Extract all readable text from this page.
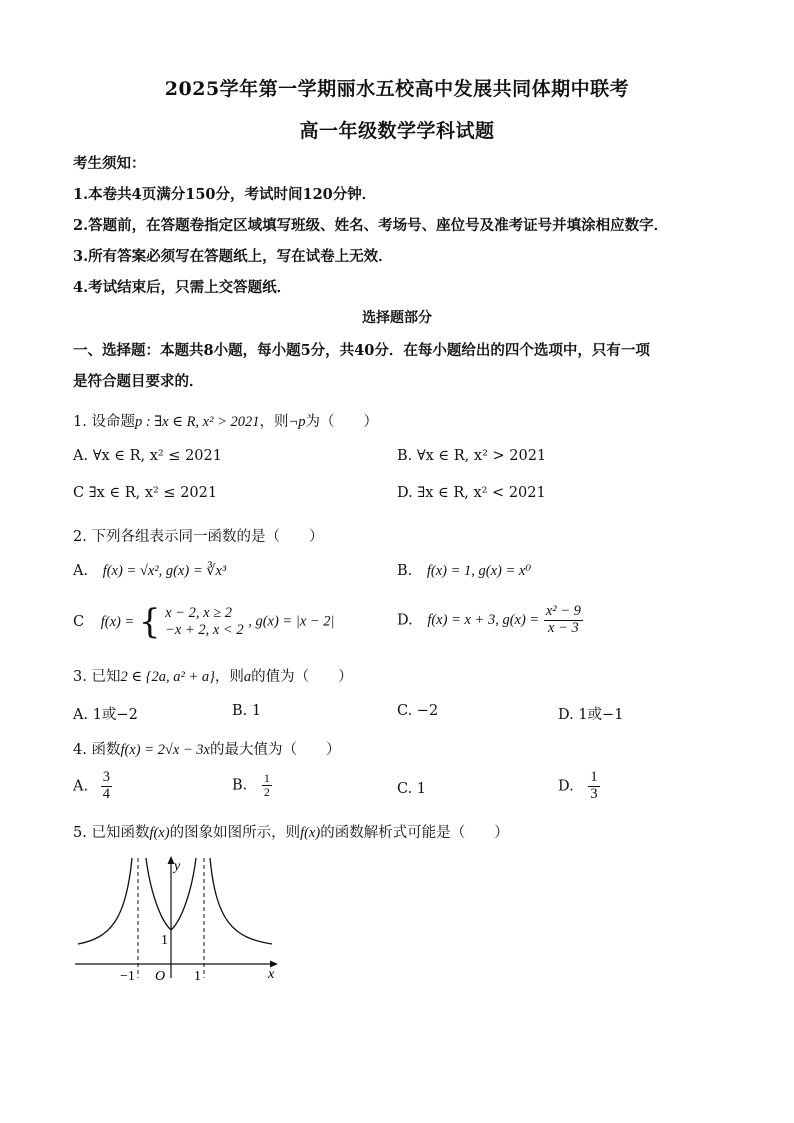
2025学年第一学期丽水五校高中发展共同体期中联考
高一年级数学学科试题
考生须知：
1.本卷共4页满分150分，考试时间120分钟．
2.答题前，在答题卷指定区域填写班级、姓名、考场号、座位号及准考证号并填涂相应数字．
3.所有答案必须写在答题纸上，写在试卷上无效．
4.考试结束后，只需上交答题纸．
选择题部分
一、选择题：本题共8小题，每小题5分，共40分．在每小题给出的四个选项中，只有一项
是符合题目要求的．
1. 设命题p : ∃x ∈ R, x² > 2021，则¬p为（　　）
A. ∀x ∈ R, x² ≤ 2021	B. ∀x ∈ R, x² > 2021
C ∃x ∈ R, x² ≤ 2021	D. ∃x ∈ R, x² < 2021
2. 下列各组表示同一函数的是（　　）
A. f(x) = √x², g(x) = ∛x³	B. f(x) = 1, g(x) = x⁰
C f(x) = { x − 2, x ≥ 2
−x + 2, x < 2
, g(x) = |x − 2|	D. f(x) = x + 3, $g(x) = \frac{\text{x² − 9}}{x - 3}$
3. 已知2 ∈ {2a, a² + a}，则a的值为（　　）
A. 1或−2	B. 1	C. −2	D. 1或−1
4. 函数f(x) = 2√x − 3x的最大值为（　　）
A. $\frac{3}{4}$	B. $\frac{1}{2}$	C. 1	D. $\frac{1}{3}$
5. 已知函数f(x)的图象如图所示，则f(x)的函数解析式可能是（　　）
y
x
O
−1	1
1
